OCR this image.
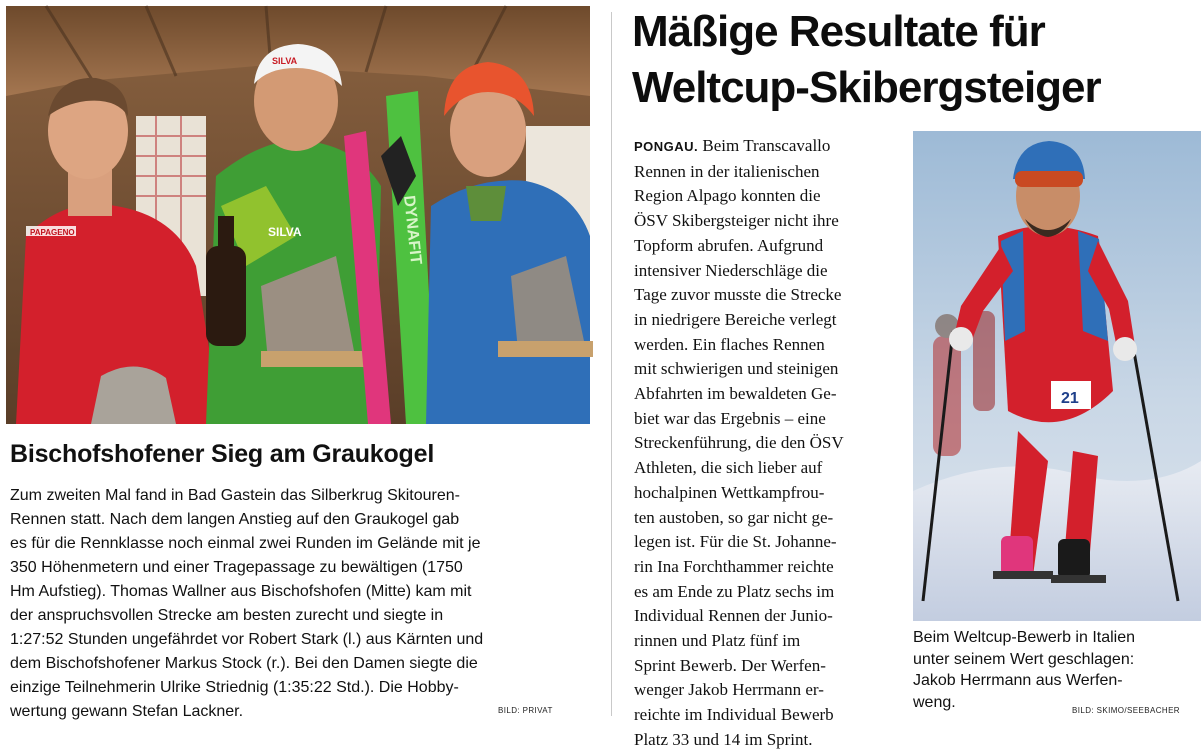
PAPAGENO	SILVA
SILVA
DYNAFIT
Bischofshofener Sieg am Graukogel
Zum zweiten Mal fand in Bad Gastein das Silberkrug Skitouren-
Rennen statt. Nach dem langen Anstieg auf den Graukogel gab
es für die Rennklasse noch einmal zwei Runden im Gelände mit je
350 Höhenmetern und einer Tragepassage zu bewältigen (1750
Hm Aufstieg). Thomas Wallner aus Bischofshofen (Mitte) kam mit
der anspruchsvollen Strecke am besten zurecht und siegte in
1:27:52 Stunden ungefährdet vor Robert Stark (l.) aus Kärnten und
dem Bischofshofener Markus Stock (r.). Bei den Damen siegte die
einzige Teilnehmerin Ulrike Striednig (1:35:22 Std.). Die Hobby-
wertung gewann Stefan Lackner.	BILD: PRIVAT
Mäßige Resultate für
Weltcup-Skibergsteiger
PONGAU. Beim Transcavallo
Rennen in der italienischen
Region Alpago konnten die
ÖSV Skibergsteiger nicht ihre
Topform abrufen. Aufgrund
intensiver Niederschläge die
Tage zuvor musste die Strecke
in niedrigere Bereiche verlegt
werden. Ein flaches Rennen
mit schwierigen und steinigen
Abfahrten im bewaldeten Ge-
biet war das Ergebnis – eine
Streckenführung, die den ÖSV
Athleten, die sich lieber auf
hochalpinen Wettkampfrou-
ten austoben, so gar nicht ge-
legen ist. Für die St. Johanne-
rin Ina Forchthammer reichte
es am Ende zu Platz sechs im
Individual Rennen der Junio-
rinnen und Platz fünf im
Sprint Bewerb. Der Werfen-
wenger Jakob Herrmann er-
reichte im Individual Bewerb
Platz 33 und 14 im Sprint.
21
Beim Weltcup-Bewerb in Italien
unter seinem Wert geschlagen:
Jakob Herrmann aus Werfen-
weng.	BILD: SKIMO/SEEBACHER
